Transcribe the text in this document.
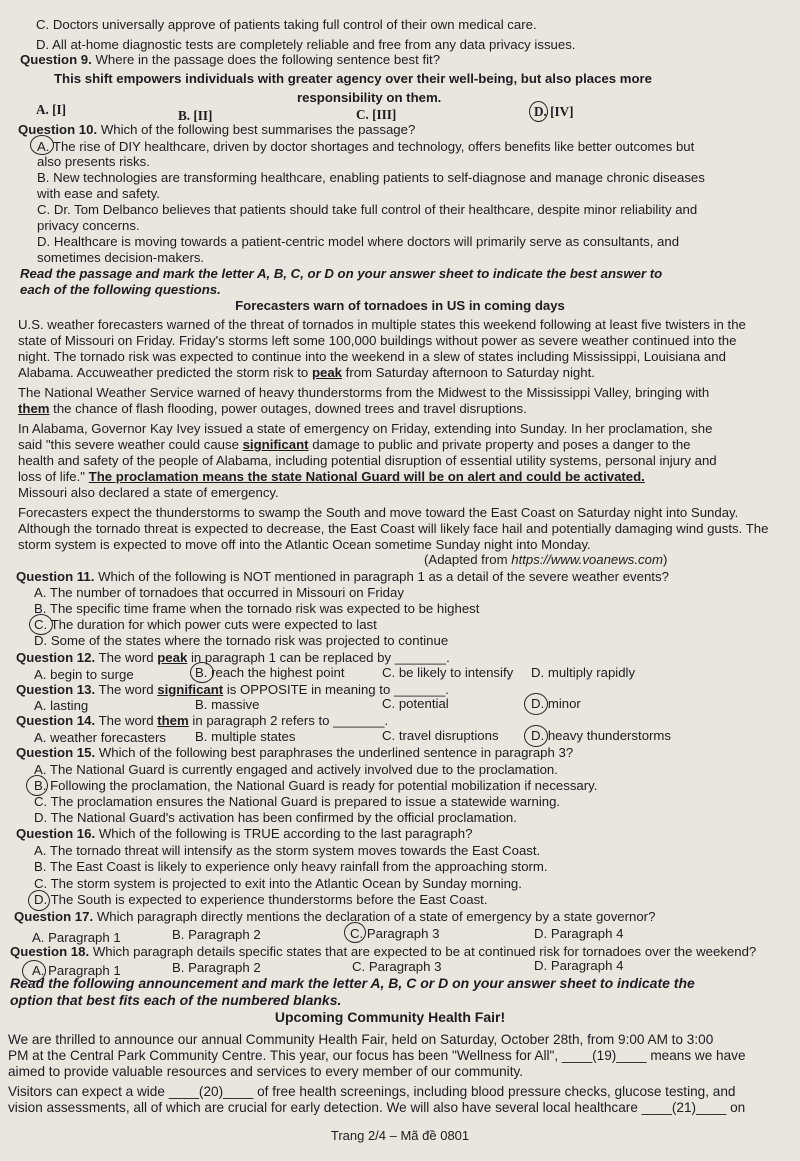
C. Doctors universally approve of patients taking full control of their own medical care.
D. All at-home diagnostic tests are completely reliable and free from any data privacy issues.
Question 9. Where in the passage does the following sentence best fit?
This shift empowers individuals with greater agency over their well-being, but also places more
responsibility on them.
A. [I]	B. [II]	C. [III]	D. [IV]
Question 10. Which of the following best summarises the passage?
A. The rise of DIY healthcare, driven by doctor shortages and technology, offers benefits like better outcomes but
also presents risks.
B. New technologies are transforming healthcare, enabling patients to self-diagnose and manage chronic diseases
with ease and safety.
C. Dr. Tom Delbanco believes that patients should take full control of their healthcare, despite minor reliability and
privacy concerns.
D. Healthcare is moving towards a patient-centric model where doctors will primarily serve as consultants, and
sometimes decision-makers.
Read the passage and mark the letter A, B, C, or D on your answer sheet to indicate the best answer to
each of the following questions.
Forecasters warn of tornadoes in US in coming days
U.S. weather forecasters warned of the threat of tornados in multiple states this weekend following at least five twisters in the
state of Missouri on Friday. Friday's storms left some 100,000 buildings without power as severe weather continued into the
night. The tornado risk was expected to continue into the weekend in a slew of states including Mississippi, Louisiana and
Alabama. Accuweather predicted the storm risk to peak from Saturday afternoon to Saturday night.
The National Weather Service warned of heavy thunderstorms from the Midwest to the Mississippi Valley, bringing with
them the chance of flash flooding, power outages, downed trees and travel disruptions.
In Alabama, Governor Kay Ivey issued a state of emergency on Friday, extending into Sunday. In her proclamation, she
said "this severe weather could cause significant damage to public and private property and poses a danger to the
health and safety of the people of Alabama, including potential disruption of essential utility systems, personal injury and
loss of life." The proclamation means the state National Guard will be on alert and could be activated.
Missouri also declared a state of emergency.
Forecasters expect the thunderstorms to swamp the South and move toward the East Coast on Saturday night into Sunday.
Although the tornado threat is expected to decrease, the East Coast will likely face hail and potentially damaging wind gusts. The
storm system is expected to move off into the Atlantic Ocean sometime Sunday night into Monday.
(Adapted from https://www.voanews.com)
Question 11. Which of the following is NOT mentioned in paragraph 1 as a detail of the severe weather events?
A. The number of tornadoes that occurred in Missouri on Friday
B. The specific time frame when the tornado risk was expected to be highest
C. The duration for which power cuts were expected to last
D. Some of the states where the tornado risk was projected to continue
Question 12. The word peak in paragraph 1 can be replaced by _______.
A. begin to surge	B. reach the highest point	C. be likely to intensify D. multiply rapidly
Question 13. The word significant is OPPOSITE in meaning to _______.
A. lasting	B. massive	C. potential	D. minor
Question 14. The word them in paragraph 2 refers to _______.
A. weather forecasters B. multiple states	C. travel disruptions D. heavy thunderstorms
Question 15. Which of the following best paraphrases the underlined sentence in paragraph 3?
A. The National Guard is currently engaged and actively involved due to the proclamation.
B. Following the proclamation, the National Guard is ready for potential mobilization if necessary.
C. The proclamation ensures the National Guard is prepared to issue a statewide warning.
D. The National Guard's activation has been confirmed by the official proclamation.
Question 16. Which of the following is TRUE according to the last paragraph?
A. The tornado threat will intensify as the storm system moves towards the East Coast.
B. The East Coast is likely to experience only heavy rainfall from the approaching storm.
C. The storm system is projected to exit into the Atlantic Ocean by Sunday morning.
D. The South is expected to experience thunderstorms before the East Coast.
Question 17. Which paragraph directly mentions the declaration of a state of emergency by a state governor?
A. Paragraph 1	B. Paragraph 2	C. Paragraph 3	D. Paragraph 4
Question 18. Which paragraph details specific states that are expected to be at continued risk for tornadoes over the weekend?
A. Paragraph 1	B. Paragraph 2	C. Paragraph 3	D. Paragraph 4
Read the following announcement and mark the letter A, B, C or D on your answer sheet to indicate the
option that best fits each of the numbered blanks.
Upcoming Community Health Fair!
We are thrilled to announce our annual Community Health Fair, held on Saturday, October 28th, from 9:00 AM to 3:00
PM at the Central Park Community Centre. This year, our focus has been "Wellness for All", ____(19)____ means we have
aimed to provide valuable resources and services to every member of our community.
Visitors can expect a wide ____(20)____ of free health screenings, including blood pressure checks, glucose testing, and
vision assessments, all of which are crucial for early detection. We will also have several local healthcare ____(21)____ on
Trang 2/4 – Mã đề 0801
